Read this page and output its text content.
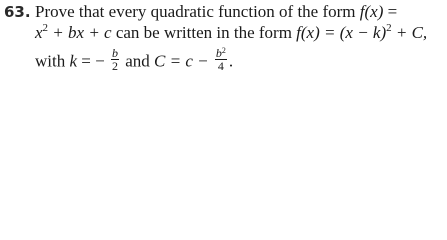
63. Prove that every quadratic function of the form f(x) =
$x^2$ + bx + c can be written in the form $f(x) = (x - k)^2 + C$,
with k = − $\frac{b}{2}$ and $C = c - \frac{b^2}{4}$ .
